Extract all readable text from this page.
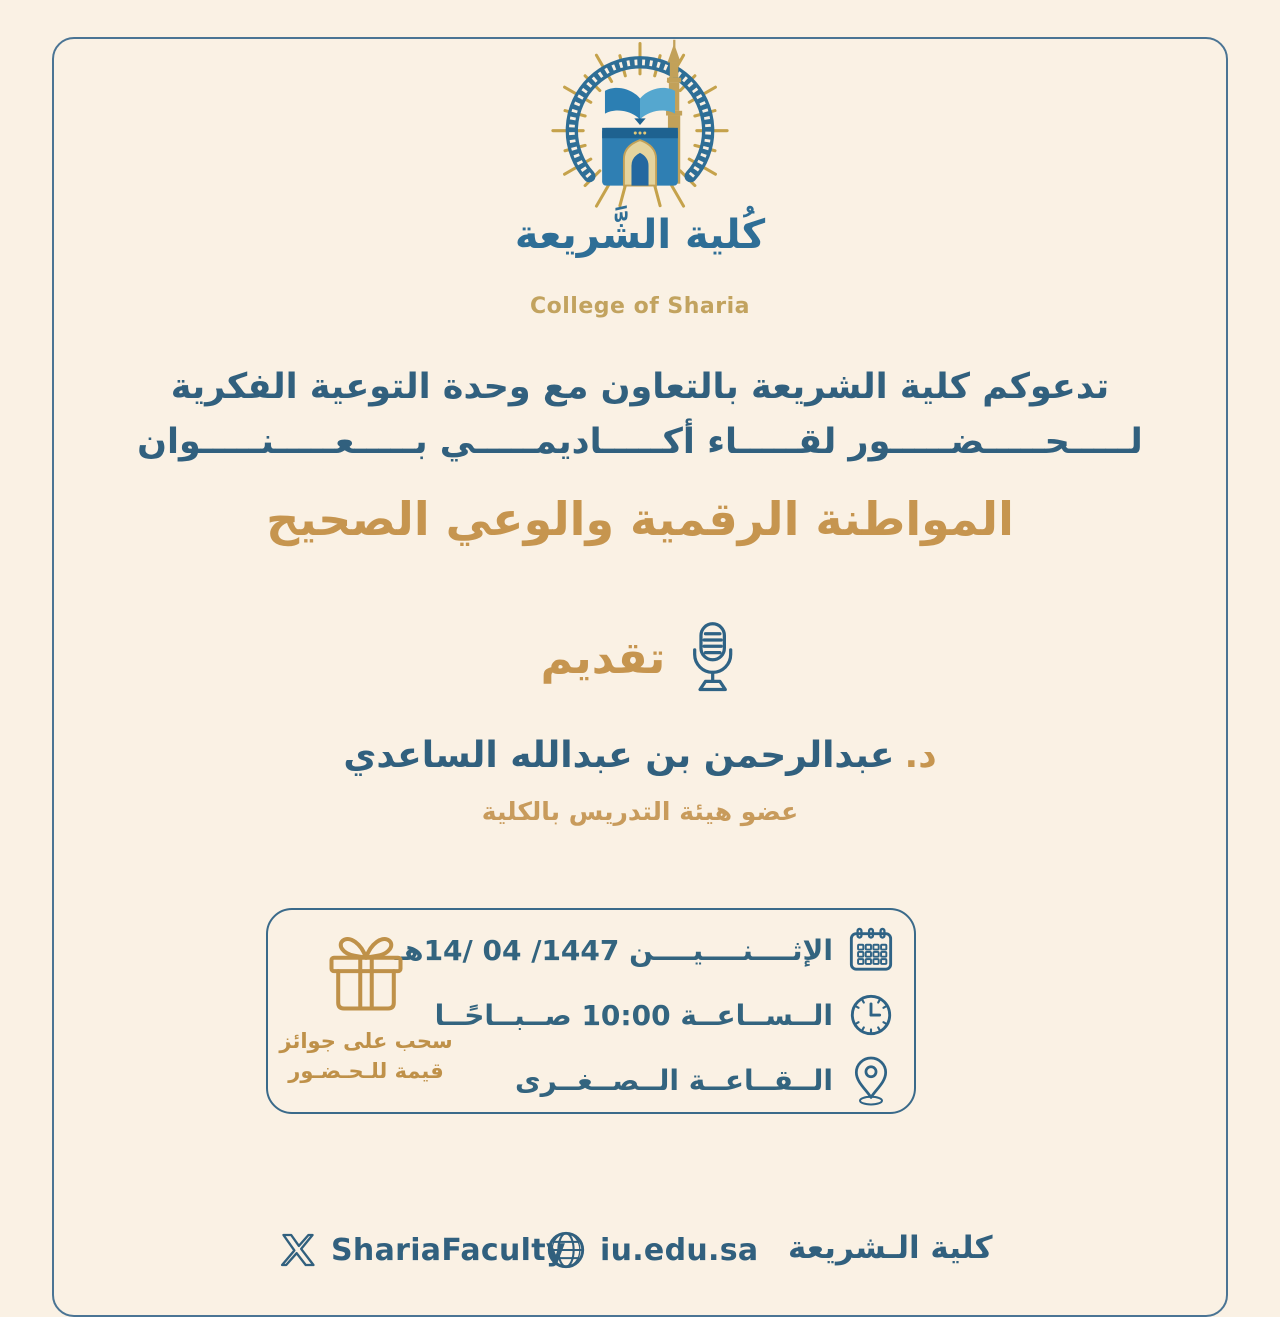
كُلية الشَّريعة
College of Sharia
تدعوكم كلية الشريعة بالتعاون مع وحدة التوعية الفكرية
لـــــحـــــضـــــور لقـــــاء أكـــــاديمـــــي بـــــعـــــنـــــوان
المواطنة الرقمية والوعي الصحيح
تقديم
د.عبدالرحمن بن عبدالله الساعدي
عضو هيئة التدريس بالكلية
الإثــــنــــيــــن 14/ 04 /1447هـ
الــســاعــة 10:00 صــبــاحًــا
الــقــاعــة الــصــغــرى
سحب على جوائز
قيمة للـحـضـور
ShariaFaculty iu.edu.sa كلية الـشريعة
